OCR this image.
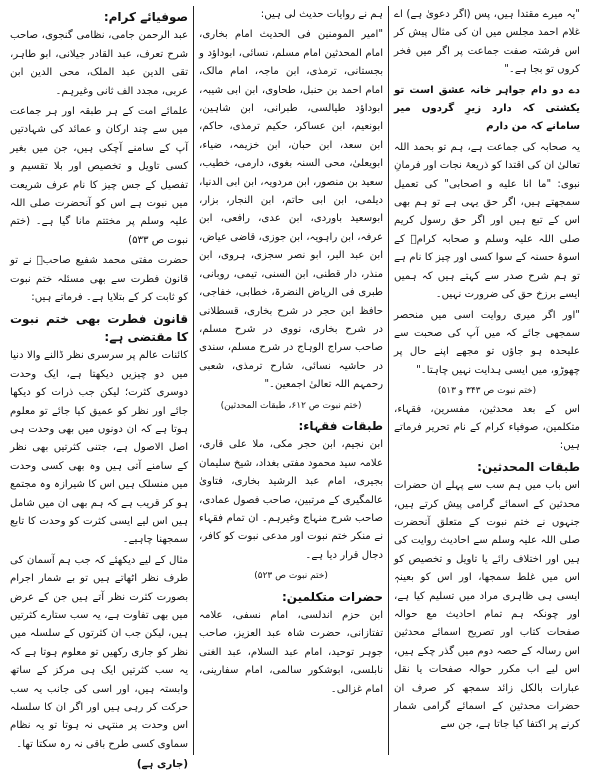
صوفیائے کرام:

عبد الرحمن جامی، نظامی گنجوی، صاحب شرح تعرف، عبد القادر جیلانی، ابو طاہر، تقی الدین عبد الملک، محی الدین ابن عربی، مجدد الف ثانی وغیرہم۔

علمائے امت کے ہر طبقہ اور ہر جماعت میں سے چند ارکان و عمائد کی شہادتیں آپ کے سامنے آچکی ہیں، جن میں بغیر کسی تاویل و تخصیص اور بلا تقسیم و تفصیل کے جس چیز کا نام عرف شریعت میں نبوت ہے اس کو آنحضرت صلی اللہ علیہ وسلم پر مختتم مانا گیا ہے۔ (ختم نبوت ص ۵۳۳)

حضرت مفتی محمد شفیع صاحبؒ نے تو قانون فطرت سے بھی مسئلہ ختم نبوت کو ثابت کر کے بتلایا ہے۔ فرماتے ہیں:

قانون فطرت بھی ختم نبوت کا مقتضی ہے:

کائنات عالم پر سرسری نظر ڈالنے والا دنیا میں دو چیزیں دیکھتا ہے، ایک وحدت دوسری کثرت؛ لیکن جب ذرات کو دیکھا جائے اور نظر کو عمیق کیا جائے تو معلوم ہوتا ہے کہ ان دونوں میں بھی وحدت ہی اصل الاصول ہے، جتنی کثرتیں بھی نظر کے سامنے آتی ہیں وہ بھی کسی وحدت میں منسلک ہیں اس کا شیرازہ وہ مجتمع ہو کر قریب ہے کہ ہم بھی ان میں شامل ہیں اس لیے ایسی کثرت کو وحدت کا تابع سمجھنا چاہیے۔

مثال کے لیے دیکھئے کہ جب ہم آسمان کی طرف نظر اٹھاتے ہیں تو بے شمار اجرام بصورت کثرت نظر آتے ہیں جن کے عرض میں بھی تفاوت ہے، یہ سب ستارے کثرتیں ہیں، لیکن جب ان کثرتوں کے سلسلہ میں نظر کو جاری رکھیں تو معلوم ہوتا ہے کہ یہ سب کثرتیں ایک ہی مرکز کے ساتھ وابستہ ہیں، اور اسی کی جانب یہ سب حرکت کر رہی ہیں اور اگر ان کا سلسلہ اس وحدت پر منتہی نہ ہوتا تو یہ نظام سماوی کسی طرح باقی نہ رہ سکتا تھا۔

(جاری ہے)

ہم نے روایات حدیث لی ہیں:

"امیر المومنین فی الحدیث امام بخاری، امام المحدثین امام مسلم، نسائی، ابوداؤد و بجستانی، ترمذی، ابن ماجہ، امام مالک، امام احمد بن حنبل، طحاوی، ابن ابی شیبہ، ابوداؤد طیالسی، طبرانی، ابن شاہین، ابونعیم، ابن عساکر، حکیم ترمذی، حاکم، ابن سعد، ابن حبان، ابن خزیمہ، ضیاء، ابویعلیٰ، محی السنہ بغوی، دارمی، خطیب، سعید بن منصور، ابن مردویہ، ابن ابی الدنیا، دیلمی، ابن ابی حاتم، ابن النجار، بزار، ابوسعید باوردی، ابن عدی، رافعی، ابن عرفہ، ابن راہویہ، ابن جوزی، قاضی عیاض، ابن عبد البر، ابو نصر سجزی، ہروی، ابن منذر، دار قطنی، ابن السنی، تیمی، روبانی، طبری فی الریاض النضرۃ، خطابی، خفاجی، حافظ ابن حجر در شرح بخاری، قسطلانی در شرح بخاری، نووی در شرح مسلم، صاحب سراج الوہاج در شرح مسلم، سندی در حاشیہ نسائی، شارح ترمذی، شعبی رحمہم اللہ تعالیٰ اجمعین۔"

(ختم نبوت ص ۶۱۲، طبقات المحدثین)
طبقات فقہاء:

ابن نجیم، ابن حجر مکی، ملا علی قاری، علامہ سید محمود مفتی بغداد، شیخ سلیمان بجیری، امام عبد الرشید بخاری، فتاویٰ عالمگیری کے مرتبین، صاحب فصول عمادی، صاحب شرح منہاج وغیرہم۔ ان تمام فقہاء نے منکر ختم نبوت اور مدعی نبوت کو کافر، دجال قرار دیا ہے۔

(ختم نبوت ص ۵۲۳)
حضرات متکلمین:

ابن حزم اندلسی، امام نسفی، علامہ تفتازانی، حضرت شاہ عبد العزیز، صاحب جوہر توحید، امام عبد السلام، عبد الغنی نابلسی، ابوشکور سالمی، امام سفارینی، امام غزالی۔

"یہ میرے مقتدا ہیں، پس (اگر دعویٰ ہے) اے غلام احمد مجلس میں ان کی مثال پیش کر اس فرشتہ صفت جماعت پر اگر میں فخر کروں تو بجا ہے۔"

دے دو دام جواہر خانہ عشق است تو یکشتی کہ دارد زیرِ گردوں میر سامانے کہ من دارم

یہ صحابہ کی جماعت ہے، ہم تو بحمد اللہ تعالیٰ ان کی اقتدا کو ذریعۂ نجات اور فرمانِ نبوی: "ما انا علیه و اصحابی" کی تعمیل سمجھتے ہیں، اگر حق یہی ہے تو ہم بھی اس کے تبع ہیں اور اگر حق رسول کریم صلی اللہ علیہ وسلم و صحابہ کرامؓ کے اسوۂ حسنہ کے سوا کسی اور چیز کا نام ہے تو ہم شرح صدر سے کہتے ہیں کہ ہمیں ایسے برزخ حق کی ضرورت نہیں۔

"اور اگر میری روایت اسی میں منحصر سمجھی جائے کہ میں آپ کی صحبت سے علیحدہ ہو جاؤں تو مجھے اپنے حال پر چھوڑو، میں ایسی ہدایت نہیں چاہتا۔"

(ختم نبوت ص ۳۴۳ و ۵۱۳)

اس کے بعد محدثین، مفسرین، فقہاء، متکلمین، صوفیاء کرام کے نام تحریر فرماتے ہیں:

طبقات المحدثین:

اس باب میں ہم سب سے پہلے ان حضرات محدثین کے اسمائے گرامی پیش کرتے ہیں، جنہوں نے ختم نبوت کے متعلق آنحضرت صلی اللہ علیہ وسلم سے احادیث روایت کی ہیں اور اختلاف رائے یا تاویل و تخصیص کو اس میں غلط سمجھا، اور اس کو بعینہٖ ایسی ہی ظاہری مراد میں تسلیم کیا ہے، اور چونکہ ہم تمام احادیث مع حوالہ صفحات کتاب اور تصریح اسمائے محدثین اس رسالہ کے حصہ دوم میں گذر چکے ہیں، اس لیے اب مکرر حوالہ صفحات یا نقل عبارات بالکل زائد سمجھ کر صرف ان حضرات محدثین کے اسمائے گرامی شمار کرنے پر اکتفا کیا جاتا ہے، جن سے
